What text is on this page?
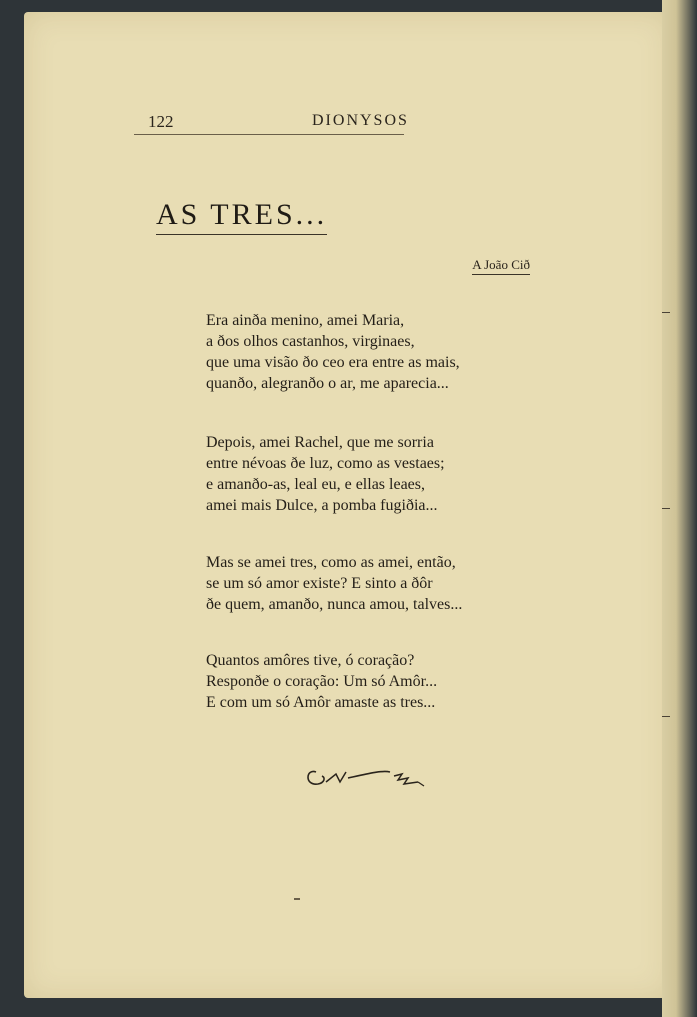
122	DIONYSOS
AS TRES...
A João Cið
Era ainða menino, amei Maria,
a ðos olhos castanhos, virginaes,
que uma visão ðo ceo era entre as mais,
quanðo, alegranðo o ar, me aparecia...
Depois, amei Rachel, que me sorria
entre névoas ðe luz, como as vestaes;
e amanðo-as, leal eu, e ellas leaes,
amei mais Dulce, a pomba fugiðia...
Mas se amei tres, como as amei, então,
se um só amor existe? E sinto a ðôr
ðe quem, amanðo, nunca amou, talves...
Quantos amôres tive, ó coração?
Responðe o coração: Um só Amôr...
E com um só Amôr amaste as tres...
